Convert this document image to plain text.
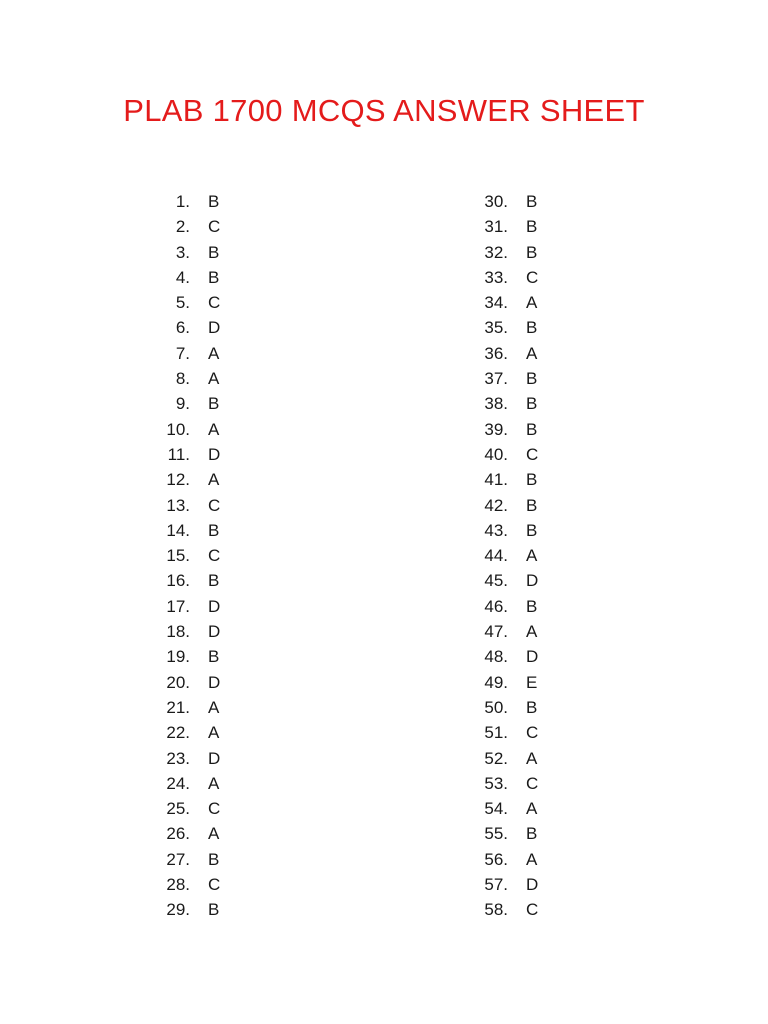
PLAB 1700 MCQS ANSWER SHEET
1.	B
2.	C
3.	B
4.	B
5.	C
6.	D
7.	A
8.	A
9.	B
10.	A
11.	D
12.	A
13.	C
14.	B
15.	C
16.	B
17.	D
18.	D
19.	B
20.	D
21.	A
22.	A
23.	D
24.	A
25.	C
26.	A
27.	B
28.	C
29.	B
30.	B
31.	B
32.	B
33.	C
34.	A
35.	B
36.	A
37.	B
38.	B
39.	B
40.	C
41.	B
42.	B
43.	B
44.	A
45.	D
46.	B
47.	A
48.	D
49.	E
50.	B
51.	C
52.	A
53.	C
54.	A
55.	B
56.	A
57.	D
58.	C
